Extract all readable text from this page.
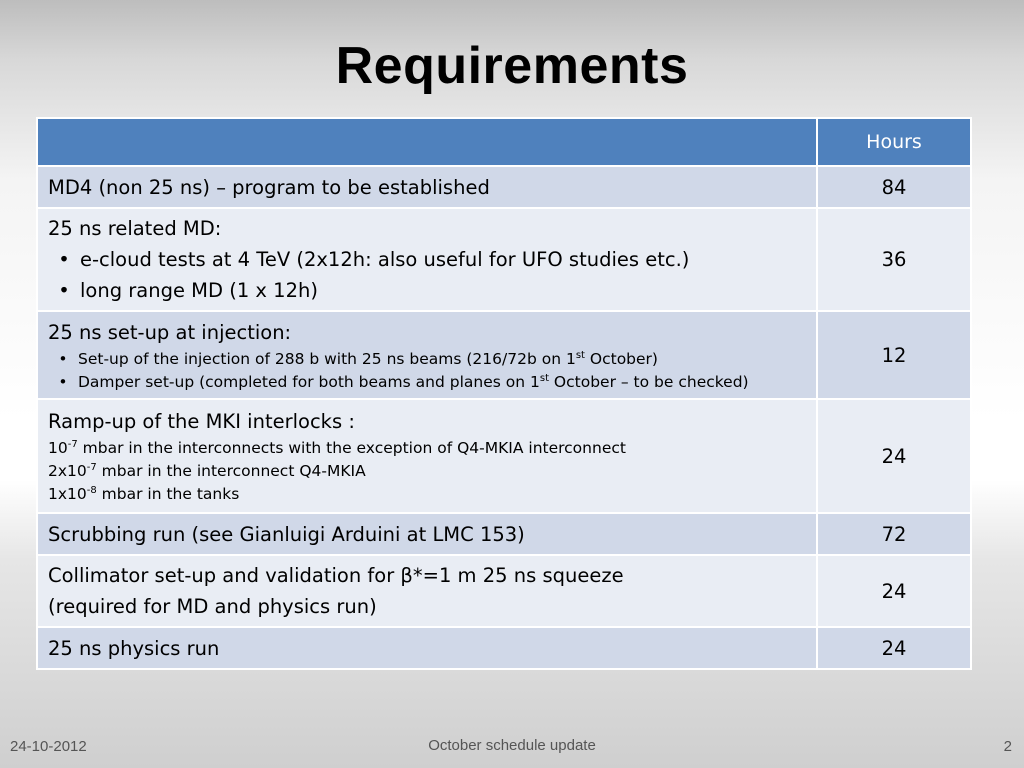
Requirements
	Hours
MD4 (non 25 ns) – program to be established	84

25 ns related MD:
• e-cloud tests at 4 TeV (2x12h: also useful for UFO studies etc.)
• long range MD (1 x 12h)	36

25 ns set-up at injection:
• Set-up of the injection of 288 b with 25 ns beams (216/72b on 1st October)
• Damper set-up (completed for both beams and planes on 1st October – to be checked)	12

Ramp-up of the MKI interlocks :
$10^{-7}$ mbar in the interconnects with the exception of Q4-MKIA interconnect
$2x10^{-7}$ mbar in the interconnect Q4-MKIA
$1x10^{-8}$ mbar in the tanks	24
Scrubbing run (see Gianluigi Arduini at LMC 153)	72

Collimator set-up and validation for β*=1 m 25 ns squeeze
(required for MD and physics run)	24
25 ns physics run	24
24-10-2012	October schedule update	2
